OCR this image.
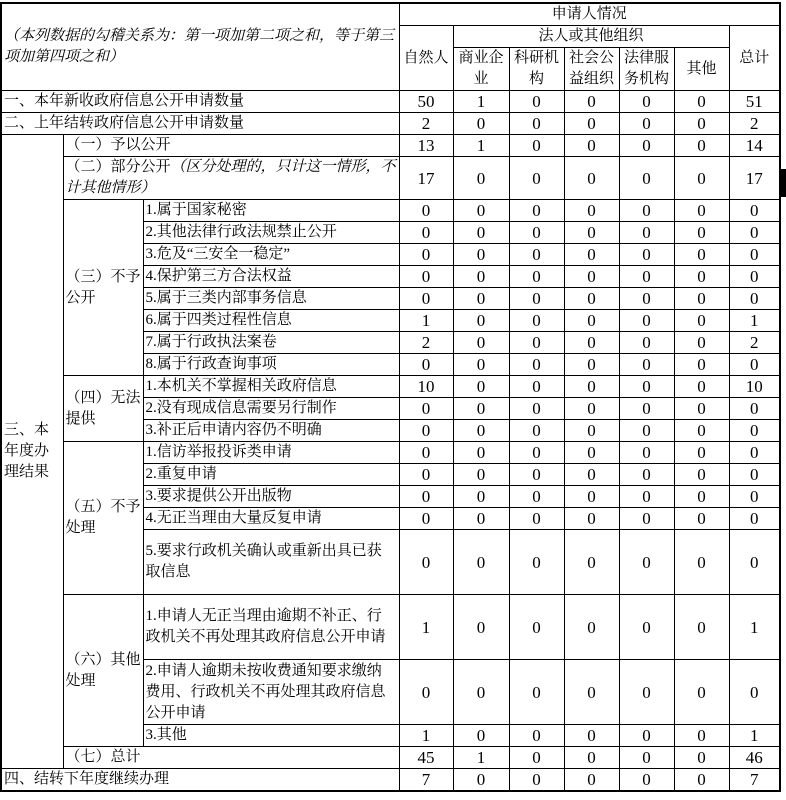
（本列数据的勾稽关系为：第一项加第二项之和，等于第三项加第四项之和）			申请人情况						
			自然人	法人或其他组织					总计
				商业企业	科研机构	社会公益组织	法律服务机构	其他	
一、本年新收政府信息公开申请数量			50	1	0	0	0	0	51
二、上年结转政府信息公开申请数量			2	0	0	0	0	0	2
三、本年度办理结果	（一）予以公开		13	1	0	0	0	0	14
	（二）部分公开（区分处理的，只计这一情形，不计其他情形）		17	0	0	0	0	0	17
	（三）不予公开	1.属于国家秘密	0	0	0	0	0	0	0
		2.其他法律行政法规禁止公开	0	0	0	0	0	0	0
		3.危及“三安全一稳定”	0	0	0	0	0	0	0
		4.保护第三方合法权益	0	0	0	0	0	0	0
		5.属于三类内部事务信息	0	0	0	0	0	0	0
		6.属于四类过程性信息	1	0	0	0	0	0	1
		7.属于行政执法案卷	2	0	0	0	0	0	2
		8.属于行政查询事项	0	0	0	0	0	0	0
	（四）无法提供	1.本机关不掌握相关政府信息	10	0	0	0	0	0	10
		2.没有现成信息需要另行制作	0	0	0	0	0	0	0
		3.补正后申请内容仍不明确	0	0	0	0	0	0	0
	（五）不予处理	1.信访举报投诉类申请	0	0	0	0	0	0	0
		2.重复申请	0	0	0	0	0	0	0
		3.要求提供公开出版物	0	0	0	0	0	0	0
		4.无正当理由大量反复申请	0	0	0	0	0	0	0
		5.要求行政机关确认或重新出具已获取信息	0	0	0	0	0	0	0
	（六）其他处理	1.申请人无正当理由逾期不补正、行政机关不再处理其政府信息公开申请	1	0	0	0	0	0	1
		2.申请人逾期未按收费通知要求缴纳费用、行政机关不再处理其政府信息公开申请	0	0	0	0	0	0	0
		3.其他	1	0	0	0	0	0	1
	（七）总计		45	1	0	0	0	0	46
四、结转下年度继续办理			7	0	0	0	0	0	7
